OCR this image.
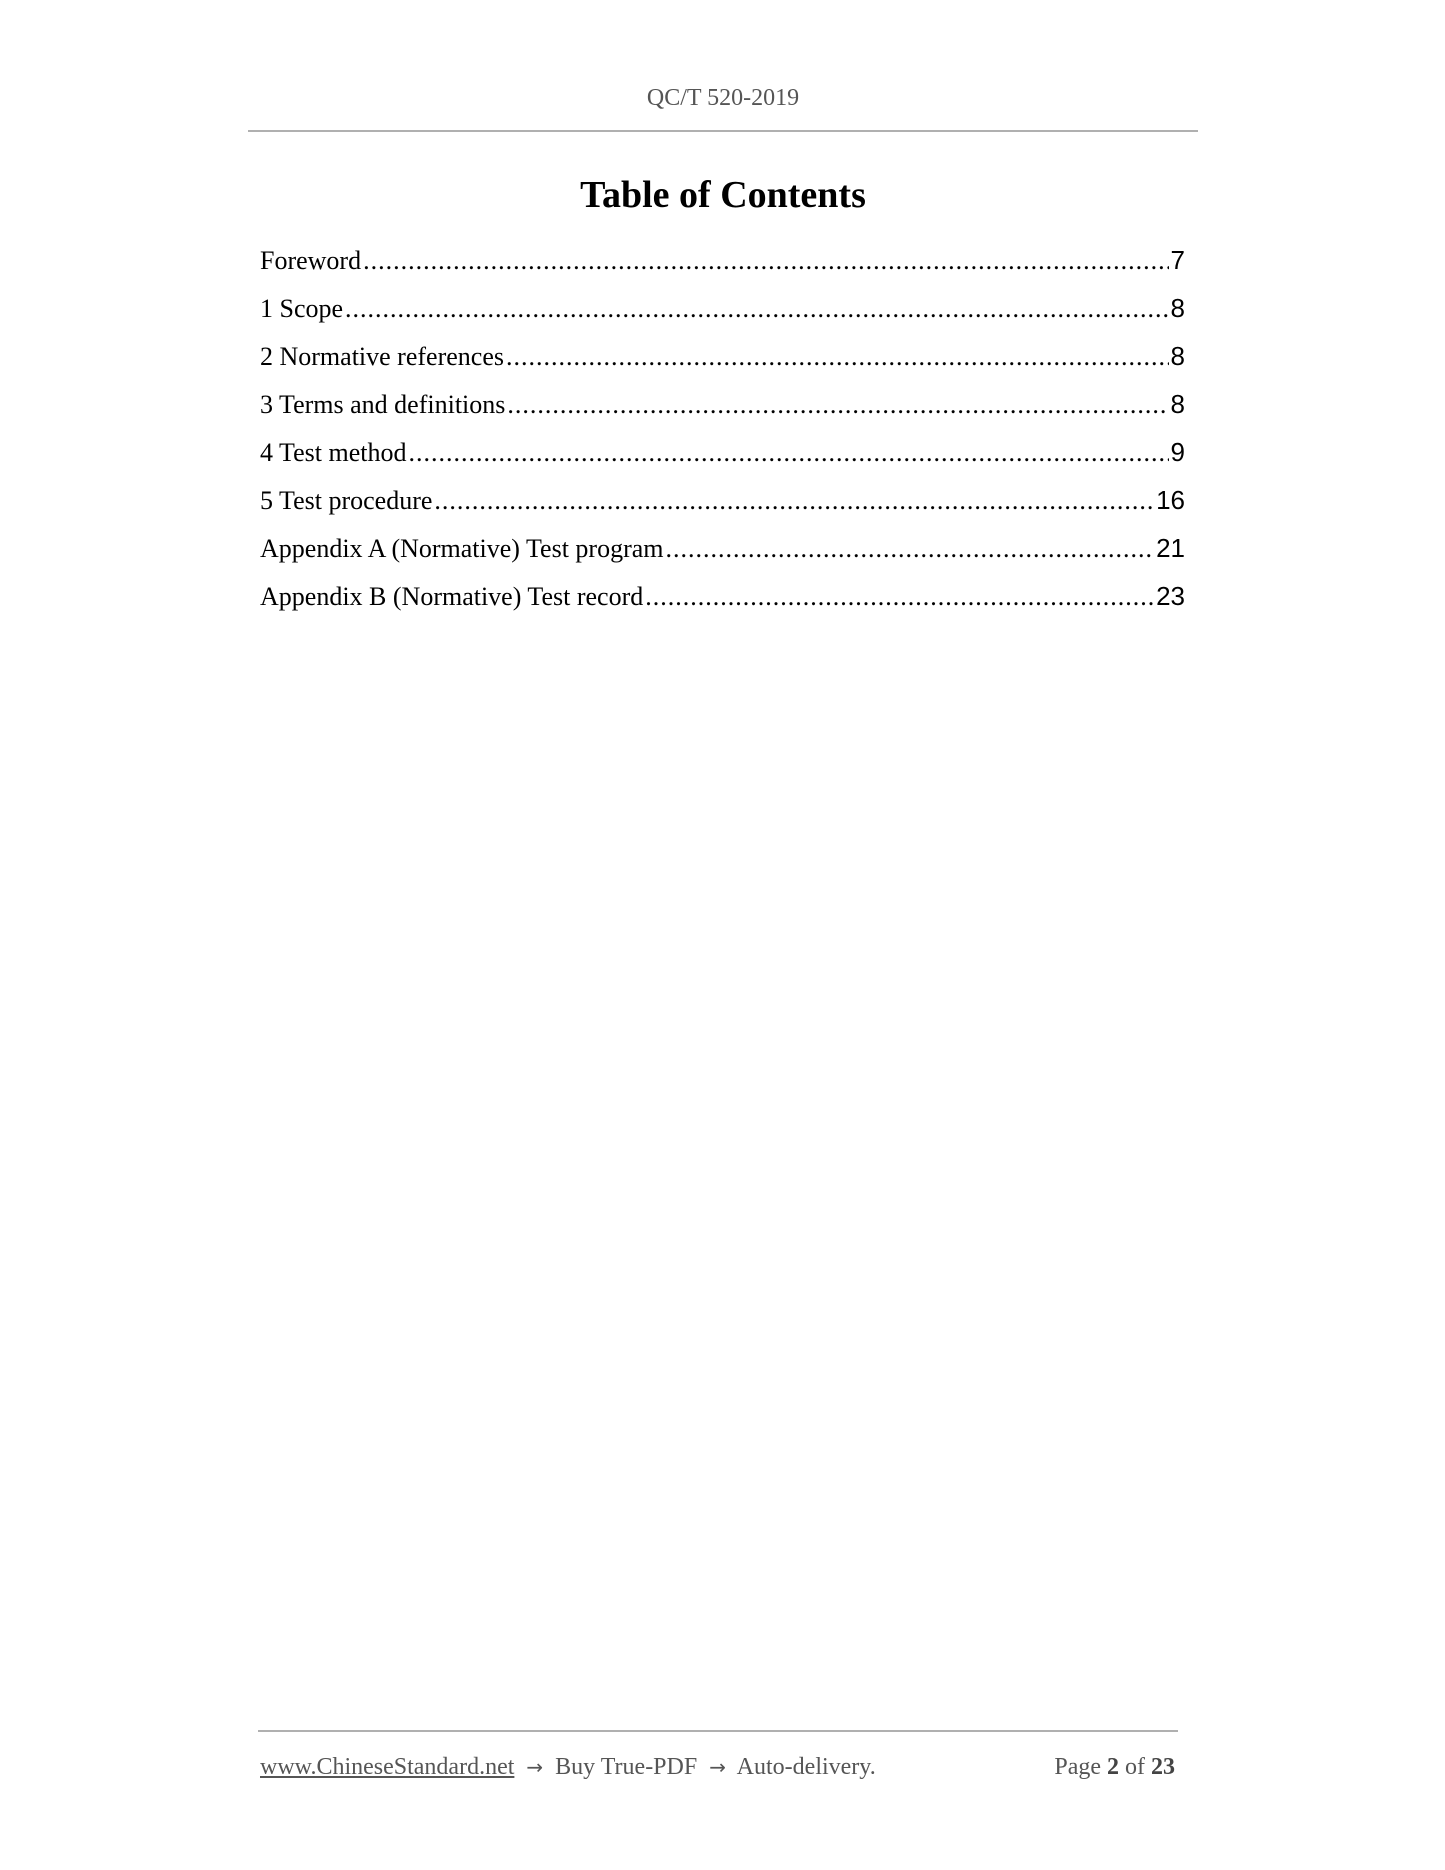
QC/T 520-2019
Table of Contents
Foreword .....	7
1 Scope .....	8
2 Normative references .....	8
3 Terms and definitions .....	8
4 Test method .....	9
5 Test procedure .....	16
Appendix A (Normative) Test program .....	21
Appendix B (Normative) Test record .....	23
www.ChineseStandard.net → Buy True-PDF → Auto-delivery.	Page 2 of 23
